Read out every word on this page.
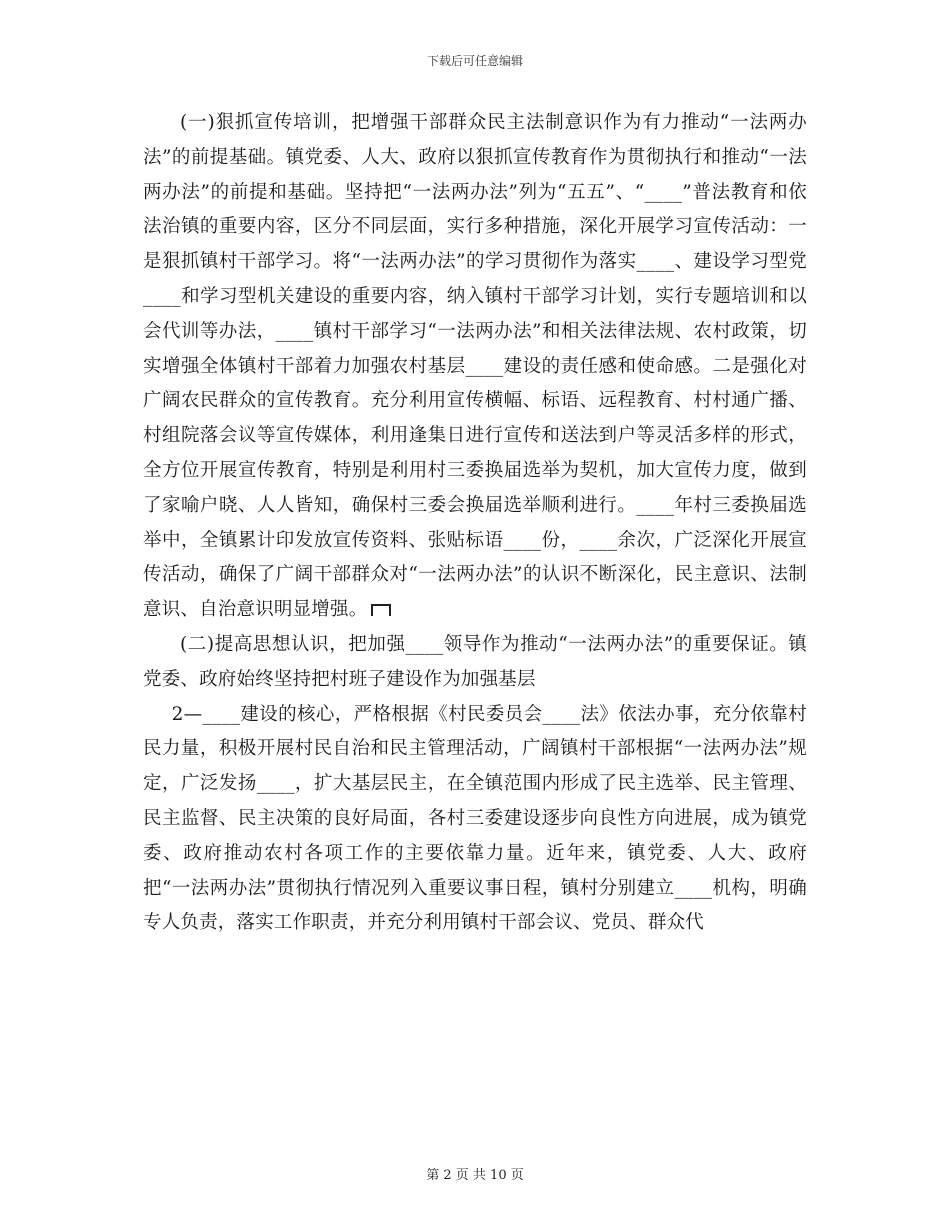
下载后可任意编辑

(一)狠抓宣传培训，把增强干部群众民主法制意识作为有力推动“一法两办法”的前提基础。镇党委、人大、政府以狠抓宣传教育作为贯彻执行和推动“一法两办法”的前提和基础。坚持把“一法两办法”列为“五五”、“____”普法教育和依法治镇的重要内容，区分不同层面，实行多种措施，深化开展学习宣传活动：一是狠抓镇村干部学习。将“一法两办法”的学习贯彻作为落实____、建设学习型党____和学习型机关建设的重要内容，纳入镇村干部学习计划，实行专题培训和以会代训等办法，____镇村干部学习“一法两办法”和相关法律法规、农村政策，切实增强全体镇村干部着力加强农村基层____建设的责任感和使命感。二是强化对广阔农民群众的宣传教育。充分利用宣传横幅、标语、远程教育、村村通广播、村组院落会议等宣传媒体，利用逢集日进行宣传和送法到户等灵活多样的形式，全方位开展宣传教育，特别是利用村三委换届选举为契机，加大宣传力度，做到了家喻户晓、人人皆知，确保村三委会换届选举顺利进行。____年村三委换届选举中，全镇累计印发放宣传资料、张贴标语____份，____余次，广泛深化开展宣传活动，确保了广阔干部群众对“一法两办法”的认识不断深化，民主意识、法制意识、自治意识明显增强。

(二)提高思想认识，把加强____领导作为推动“一法两办法”的重要保证。镇党委、政府始终坚持把村班子建设作为加强基层

2—____建设的核心，严格根据《村民委员会____法》依法办事，充分依靠村民力量，积极开展村民自治和民主管理活动，广阔镇村干部根据“一法两办法”规定，广泛发扬____，扩大基层民主，在全镇范围内形成了民主选举、民主管理、民主监督、民主决策的良好局面，各村三委建设逐步向良性方向进展，成为镇党委、政府推动农村各项工作的主要依靠力量。近年来，镇党委、人大、政府把“一法两办法”贯彻执行情况列入重要议事日程，镇村分别建立____机构，明确专人负责，落实工作职责，并充分利用镇村干部会议、党员、群众代

第 2 页 共 10 页
